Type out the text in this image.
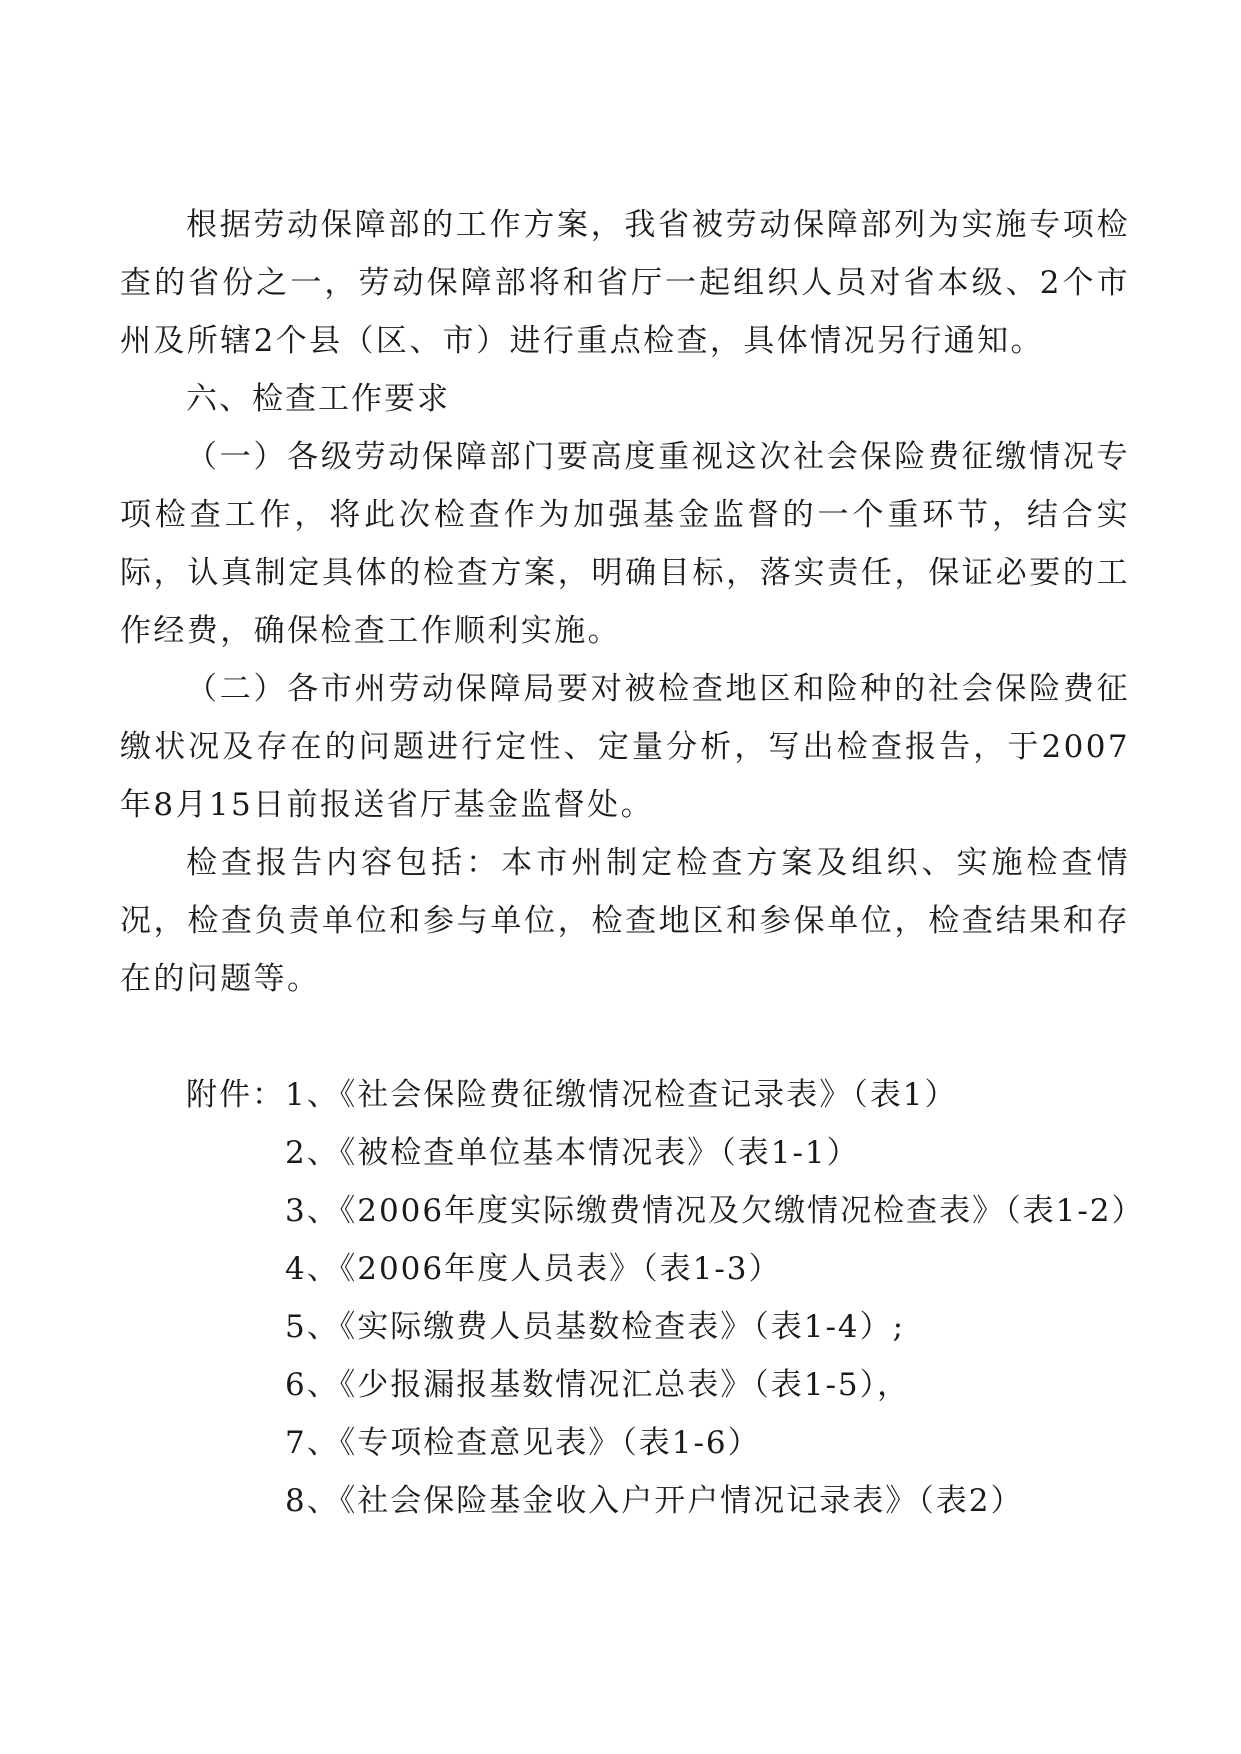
根据劳动保障部的工作方案，我省被劳动保障部列为实施专项检查的省份之一，劳动保障部将和省厅一起组织人员对省本级、2个市州及所辖2个县（区、市）进行重点检查，具体情况另行通知。

六、检查工作要求

（一）各级劳动保障部门要高度重视这次社会保险费征缴情况专项检查工作，将此次检查作为加强基金监督的一个重环节，结合实际，认真制定具体的检查方案，明确目标，落实责任，保证必要的工作经费，确保检查工作顺利实施。

（二）各市州劳动保障局要对被检查地区和险种的社会保险费征缴状况及存在的问题进行定性、定量分析，写出检查报告，于2007年8月15日前报送省厅基金监督处。

检查报告内容包括：本市州制定检查方案及组织、实施检查情况，检查负责单位和参与单位，检查地区和参保单位，检查结果和存在的问题等。

附件：1、《社会保险费征缴情况检查记录表》（表1）
2、《被检查单位基本情况表》（表1-1）
3、《2006年度实际缴费情况及欠缴情况检查表》（表1-2）
4、《2006年度人员表》（表1-3）
5、《实际缴费人员基数检查表》（表1-4）;
6、《少报漏报基数情况汇总表》（表1-5），
7、《专项检查意见表》（表1-6）
8、《社会保险基金收入户开户情况记录表》（表2）
